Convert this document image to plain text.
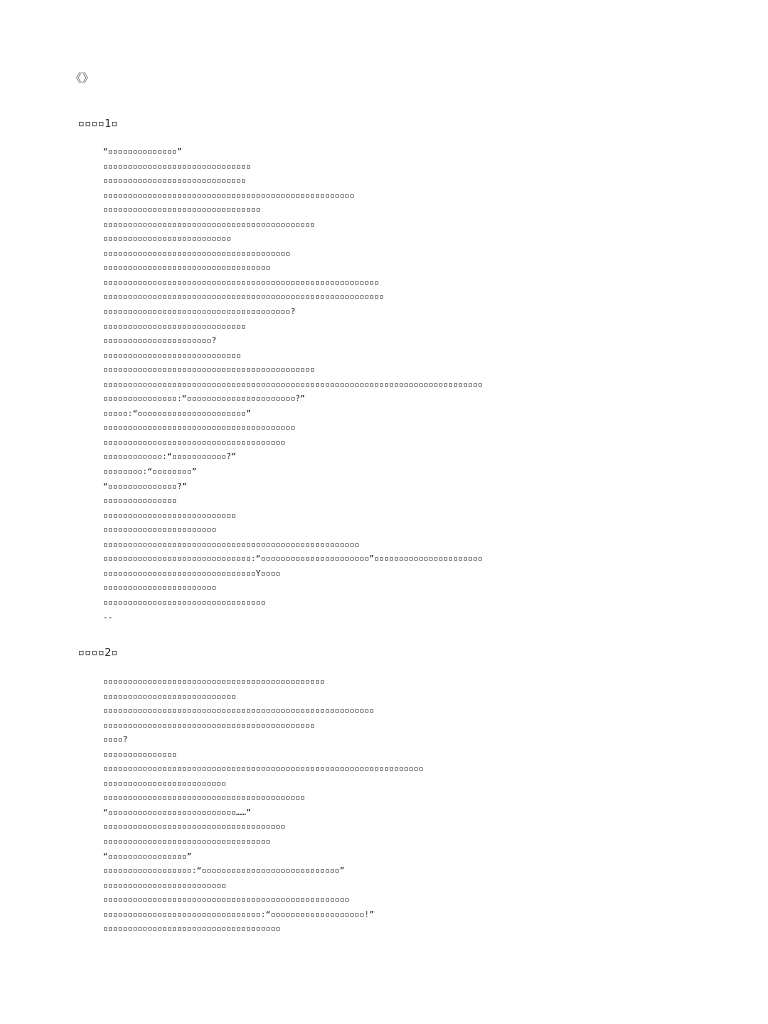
《》
▫▫▫▫1▫
“▫▫▫▫▫▫▫▫▫▫▫▫▫▫”
▫▫▫▫▫▫▫▫▫▫▫▫▫▫▫▫▫▫▫▫▫▫▫▫▫▫▫▫▫▫
▫▫▫▫▫▫▫▫▫▫▫▫▫▫▫▫▫▫▫▫▫▫▫▫▫▫▫▫▫
▫▫▫▫▫▫▫▫▫▫▫▫▫▫▫▫▫▫▫▫▫▫▫▫▫▫▫▫▫▫▫▫▫▫▫▫▫▫▫▫▫▫▫▫▫▫▫▫▫▫▫
▫▫▫▫▫▫▫▫▫▫▫▫▫▫▫▫▫▫▫▫▫▫▫▫▫▫▫▫▫▫▫▫
▫▫▫▫▫▫▫▫▫▫▫▫▫▫▫▫▫▫▫▫▫▫▫▫▫▫▫▫▫▫▫▫▫▫▫▫▫▫▫▫▫▫▫
▫▫▫▫▫▫▫▫▫▫▫▫▫▫▫▫▫▫▫▫▫▫▫▫▫▫
▫▫▫▫▫▫▫▫▫▫▫▫▫▫▫▫▫▫▫▫▫▫▫▫▫▫▫▫▫▫▫▫▫▫▫▫▫▫
▫▫▫▫▫▫▫▫▫▫▫▫▫▫▫▫▫▫▫▫▫▫▫▫▫▫▫▫▫▫▫▫▫▫
▫▫▫▫▫▫▫▫▫▫▫▫▫▫▫▫▫▫▫▫▫▫▫▫▫▫▫▫▫▫▫▫▫▫▫▫▫▫▫▫▫▫▫▫▫▫▫▫▫▫▫▫▫▫▫▫
▫▫▫▫▫▫▫▫▫▫▫▫▫▫▫▫▫▫▫▫▫▫▫▫▫▫▫▫▫▫▫▫▫▫▫▫▫▫▫▫▫▫▫▫▫▫▫▫▫▫▫▫▫▫▫▫▫
▫▫▫▫▫▫▫▫▫▫▫▫▫▫▫▫▫▫▫▫▫▫▫▫▫▫▫▫▫▫▫▫▫▫▫▫▫▫?
▫▫▫▫▫▫▫▫▫▫▫▫▫▫▫▫▫▫▫▫▫▫▫▫▫▫▫▫▫
▫▫▫▫▫▫▫▫▫▫▫▫▫▫▫▫▫▫▫▫▫▫?
▫▫▫▫▫▫▫▫▫▫▫▫▫▫▫▫▫▫▫▫▫▫▫▫▫▫▫▫
▫▫▫▫▫▫▫▫▫▫▫▫▫▫▫▫▫▫▫▫▫▫▫▫▫▫▫▫▫▫▫▫▫▫▫▫▫▫▫▫▫▫▫
▫▫▫▫▫▫▫▫▫▫▫▫▫▫▫▫▫▫▫▫▫▫▫▫▫▫▫▫▫▫▫▫▫▫▫▫▫▫▫▫▫▫▫▫▫▫▫▫▫▫▫▫▫▫▫▫▫▫▫▫▫▫▫▫▫▫▫▫▫▫▫▫▫▫▫▫▫
▫▫▫▫▫▫▫▫▫▫▫▫▫▫▫:“▫▫▫▫▫▫▫▫▫▫▫▫▫▫▫▫▫▫▫▫▫▫?”
▫▫▫▫▫:“▫▫▫▫▫▫▫▫▫▫▫▫▫▫▫▫▫▫▫▫▫▫”
▫▫▫▫▫▫▫▫▫▫▫▫▫▫▫▫▫▫▫▫▫▫▫▫▫▫▫▫▫▫▫▫▫▫▫▫▫▫▫
▫▫▫▫▫▫▫▫▫▫▫▫▫▫▫▫▫▫▫▫▫▫▫▫▫▫▫▫▫▫▫▫▫▫▫▫▫
▫▫▫▫▫▫▫▫▫▫▫▫:“▫▫▫▫▫▫▫▫▫▫▫?”
▫▫▫▫▫▫▫▫:“▫▫▫▫▫▫▫▫”
“▫▫▫▫▫▫▫▫▫▫▫▫▫▫?”
▫▫▫▫▫▫▫▫▫▫▫▫▫▫▫
▫▫▫▫▫▫▫▫▫▫▫▫▫▫▫▫▫▫▫▫▫▫▫▫▫▫▫
▫▫▫▫▫▫▫▫▫▫▫▫▫▫▫▫▫▫▫▫▫▫▫
▫▫▫▫▫▫▫▫▫▫▫▫▫▫▫▫▫▫▫▫▫▫▫▫▫▫▫▫▫▫▫▫▫▫▫▫▫▫▫▫▫▫▫▫▫▫▫▫▫▫▫▫
▫▫▫▫▫▫▫▫▫▫▫▫▫▫▫▫▫▫▫▫▫▫▫▫▫▫▫▫▫▫:“▫▫▫▫▫▫▫▫▫▫▫▫▫▫▫▫▫▫▫▫▫▫”▫▫▫▫▫▫▫▫▫▫▫▫▫▫▫▫▫▫▫▫▫▫
▫▫▫▫▫▫▫▫▫▫▫▫▫▫▫▫▫▫▫▫▫▫▫▫▫▫▫▫▫▫▫Y▫▫▫▫
▫▫▫▫▫▫▫▫▫▫▫▫▫▫▫▫▫▫▫▫▫▫▫
▫▫▫▫▫▫▫▫▫▫▫▫▫▫▫▫▫▫▫▫▫▫▫▫▫▫▫▫▫▫▫▫▫
--
▫▫▫▫2▫
▫▫▫▫▫▫▫▫▫▫▫▫▫▫▫▫▫▫▫▫▫▫▫▫▫▫▫▫▫▫▫▫▫▫▫▫▫▫▫▫▫▫▫▫▫
▫▫▫▫▫▫▫▫▫▫▫▫▫▫▫▫▫▫▫▫▫▫▫▫▫▫▫
▫▫▫▫▫▫▫▫▫▫▫▫▫▫▫▫▫▫▫▫▫▫▫▫▫▫▫▫▫▫▫▫▫▫▫▫▫▫▫▫▫▫▫▫▫▫▫▫▫▫▫▫▫▫▫
▫▫▫▫▫▫▫▫▫▫▫▫▫▫▫▫▫▫▫▫▫▫▫▫▫▫▫▫▫▫▫▫▫▫▫▫▫▫▫▫▫▫▫
▫▫▫▫?
▫▫▫▫▫▫▫▫▫▫▫▫▫▫▫
▫▫▫▫▫▫▫▫▫▫▫▫▫▫▫▫▫▫▫▫▫▫▫▫▫▫▫▫▫▫▫▫▫▫▫▫▫▫▫▫▫▫▫▫▫▫▫▫▫▫▫▫▫▫▫▫▫▫▫▫▫▫▫▫▫
▫▫▫▫▫▫▫▫▫▫▫▫▫▫▫▫▫▫▫▫▫▫▫▫▫
▫▫▫▫▫▫▫▫▫▫▫▫▫▫▫▫▫▫▫▫▫▫▫▫▫▫▫▫▫▫▫▫▫▫▫▫▫▫▫▫▫
“▫▫▫▫▫▫▫▫▫▫▫▫▫▫▫▫▫▫▫▫▫▫▫▫▫▫……”
▫▫▫▫▫▫▫▫▫▫▫▫▫▫▫▫▫▫▫▫▫▫▫▫▫▫▫▫▫▫▫▫▫▫▫▫▫
▫▫▫▫▫▫▫▫▫▫▫▫▫▫▫▫▫▫▫▫▫▫▫▫▫▫▫▫▫▫▫▫▫▫
“▫▫▫▫▫▫▫▫▫▫▫▫▫▫▫▫”
▫▫▫▫▫▫▫▫▫▫▫▫▫▫▫▫▫▫:“▫▫▫▫▫▫▫▫▫▫▫▫▫▫▫▫▫▫▫▫▫▫▫▫▫▫▫▫”
▫▫▫▫▫▫▫▫▫▫▫▫▫▫▫▫▫▫▫▫▫▫▫▫▫
▫▫▫▫▫▫▫▫▫▫▫▫▫▫▫▫▫▫▫▫▫▫▫▫▫▫▫▫▫▫▫▫▫▫▫▫▫▫▫▫▫▫▫▫▫▫▫▫▫▫
▫▫▫▫▫▫▫▫▫▫▫▫▫▫▫▫▫▫▫▫▫▫▫▫▫▫▫▫▫▫▫▫:“▫▫▫▫▫▫▫▫▫▫▫▫▫▫▫▫▫▫▫!”
▫▫▫▫▫▫▫▫▫▫▫▫▫▫▫▫▫▫▫▫▫▫▫▫▫▫▫▫▫▫▫▫▫▫▫▫
